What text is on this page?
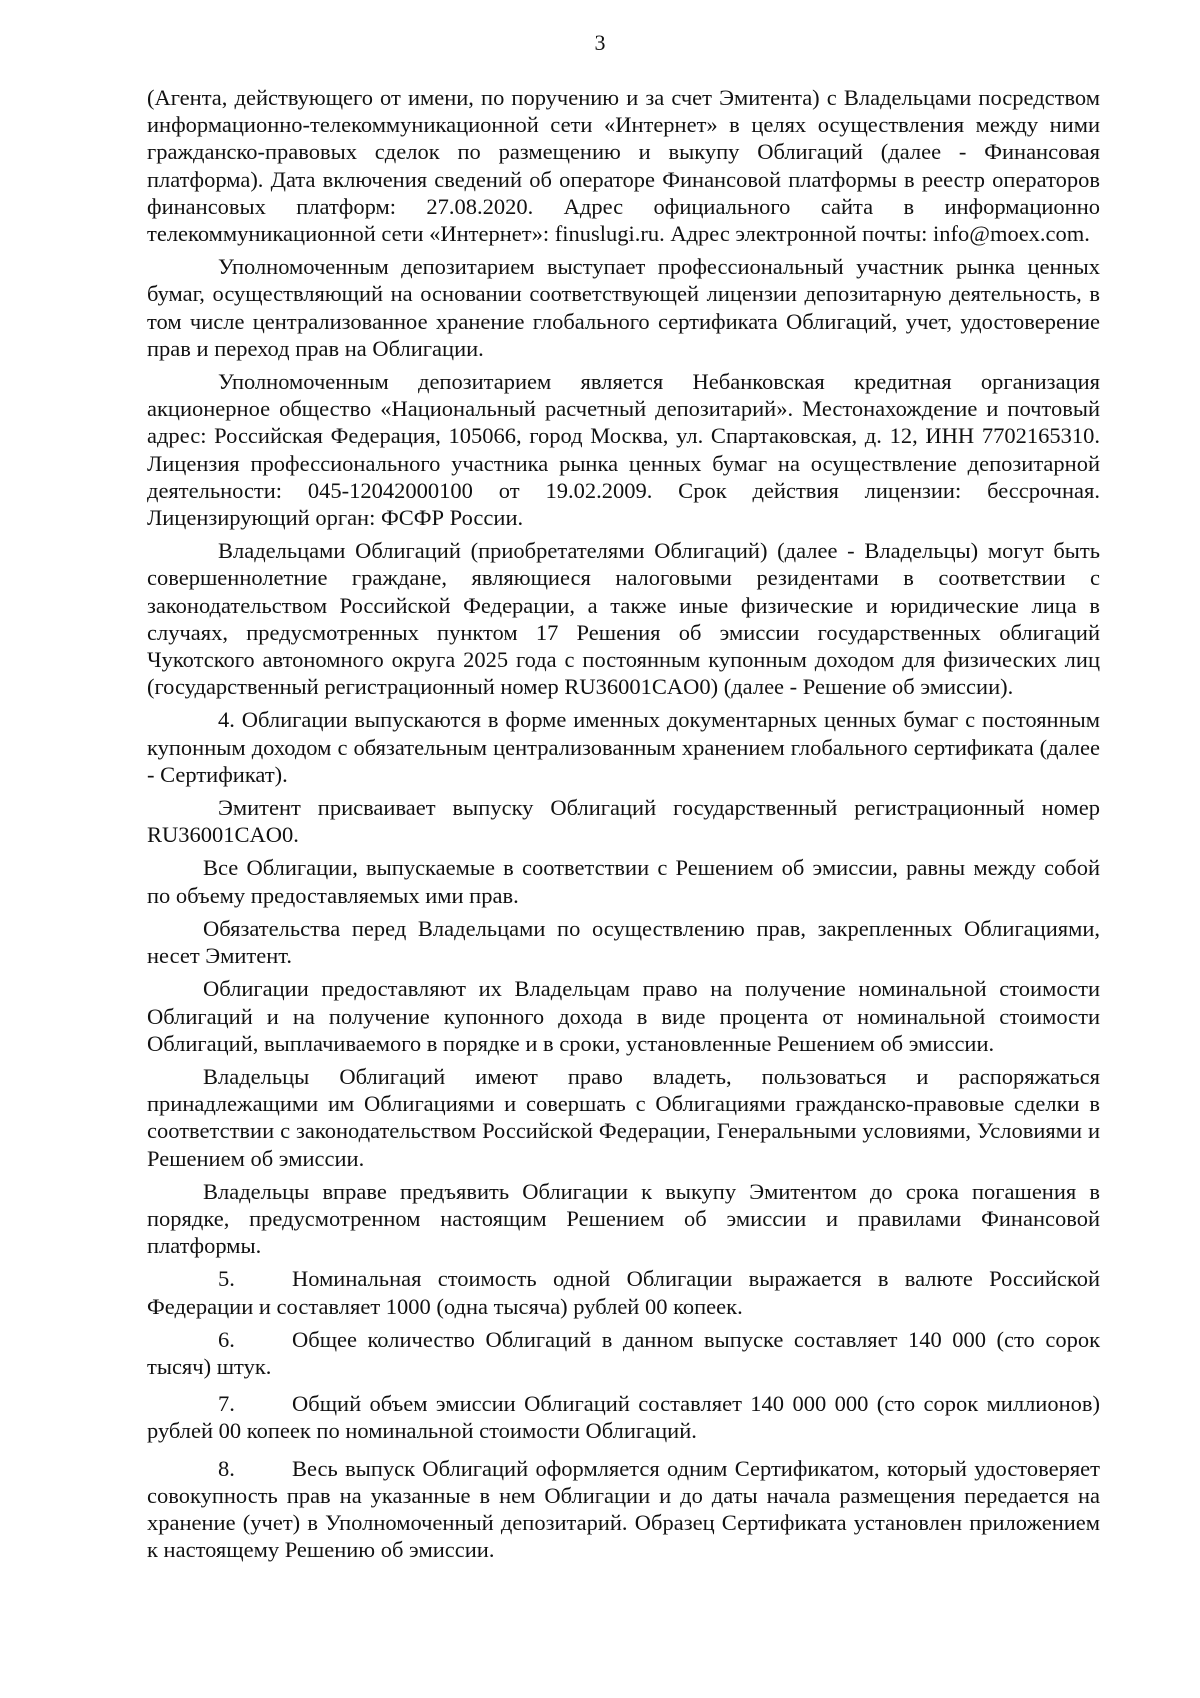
3

(Агента, действующего от имени, по поручению и за счет Эмитента) с Владельцами посредством информационно-телекоммуникационной сети «Интернет» в целях осуществления между ними гражданско-правовых сделок по размещению и выкупу Облигаций (далее - Финансовая платформа). Дата включения сведений об операторе Финансовой платформы в реестр операторов финансовых платформ: 27.08.2020. Адрес официального сайта в информационно телекоммуникационной сети «Интернет»: finuslugi.ru. Адрес электронной почты: info@moex.com.

Уполномоченным депозитарием выступает профессиональный участник рынка ценных бумаг, осуществляющий на основании соответствующей лицензии депозитарную деятельность, в том числе централизованное хранение глобального сертификата Облигаций, учет, удостоверение прав и переход прав на Облигации.

Уполномоченным депозитарием является Небанковская кредитная организация акционерное общество «Национальный расчетный депозитарий». Местонахождение и почтовый адрес: Российская Федерация, 105066, город Москва, ул. Спартаковская, д. 12, ИНН 7702165310. Лицензия профессионального участника рынка ценных бумаг на осуществление депозитарной деятельности: 045-12042000100 от 19.02.2009. Срок действия лицензии: бессрочная. Лицензирующий орган: ФСФР России.

Владельцами Облигаций (приобретателями Облигаций) (далее - Владельцы) могут быть совершеннолетние граждане, являющиеся налоговыми резидентами в соответствии с законодательством Российской Федерации, а также иные физические и юридические лица в случаях, предусмотренных пунктом 17 Решения об эмиссии государственных облигаций Чукотского автономного округа 2025 года с постоянным купонным доходом для физических лиц (государственный регистрационный номер RU36001CAO0) (далее - Решение об эмиссии).

4. Облигации выпускаются в форме именных документарных ценных бумаг с постоянным купонным доходом с обязательным централизованным хранением глобального сертификата (далее - Сертификат).

Эмитент присваивает выпуску Облигаций государственный регистрационный номер RU36001CAO0.

Все Облигации, выпускаемые в соответствии с Решением об эмиссии, равны между собой по объему предоставляемых ими прав.

Обязательства перед Владельцами по осуществлению прав, закрепленных Облигациями, несет Эмитент.

Облигации предоставляют их Владельцам право на получение номинальной стоимости Облигаций и на получение купонного дохода в виде процента от номинальной стоимости Облигаций, выплачиваемого в порядке и в сроки, установленные Решением об эмиссии.

Владельцы Облигаций имеют право владеть, пользоваться и распоряжаться принадлежащими им Облигациями и совершать с Облигациями гражданско-правовые сделки в соответствии с законодательством Российской Федерации, Генеральными условиями, Условиями и Решением об эмиссии.

Владельцы вправе предъявить Облигации к выкупу Эмитентом до срока погашения в порядке, предусмотренном настоящим Решением об эмиссии и правилами Финансовой платформы.

5.	Номинальная стоимость одной Облигации выражается в валюте Российской Федерации и составляет 1000 (одна тысяча) рублей 00 копеек.

6.	Общее количество Облигаций в данном выпуске составляет 140 000 (сто сорок тысяч) штук.

7.	Общий объем эмиссии Облигаций составляет 140 000 000 (сто сорок миллионов) рублей 00 копеек по номинальной стоимости Облигаций.

8.	Весь выпуск Облигаций оформляется одним Сертификатом, который удостоверяет совокупность прав на указанные в нем Облигации и до даты начала размещения передается на хранение (учет) в Уполномоченный депозитарий. Образец Сертификата установлен приложением к настоящему Решению об эмиссии.
